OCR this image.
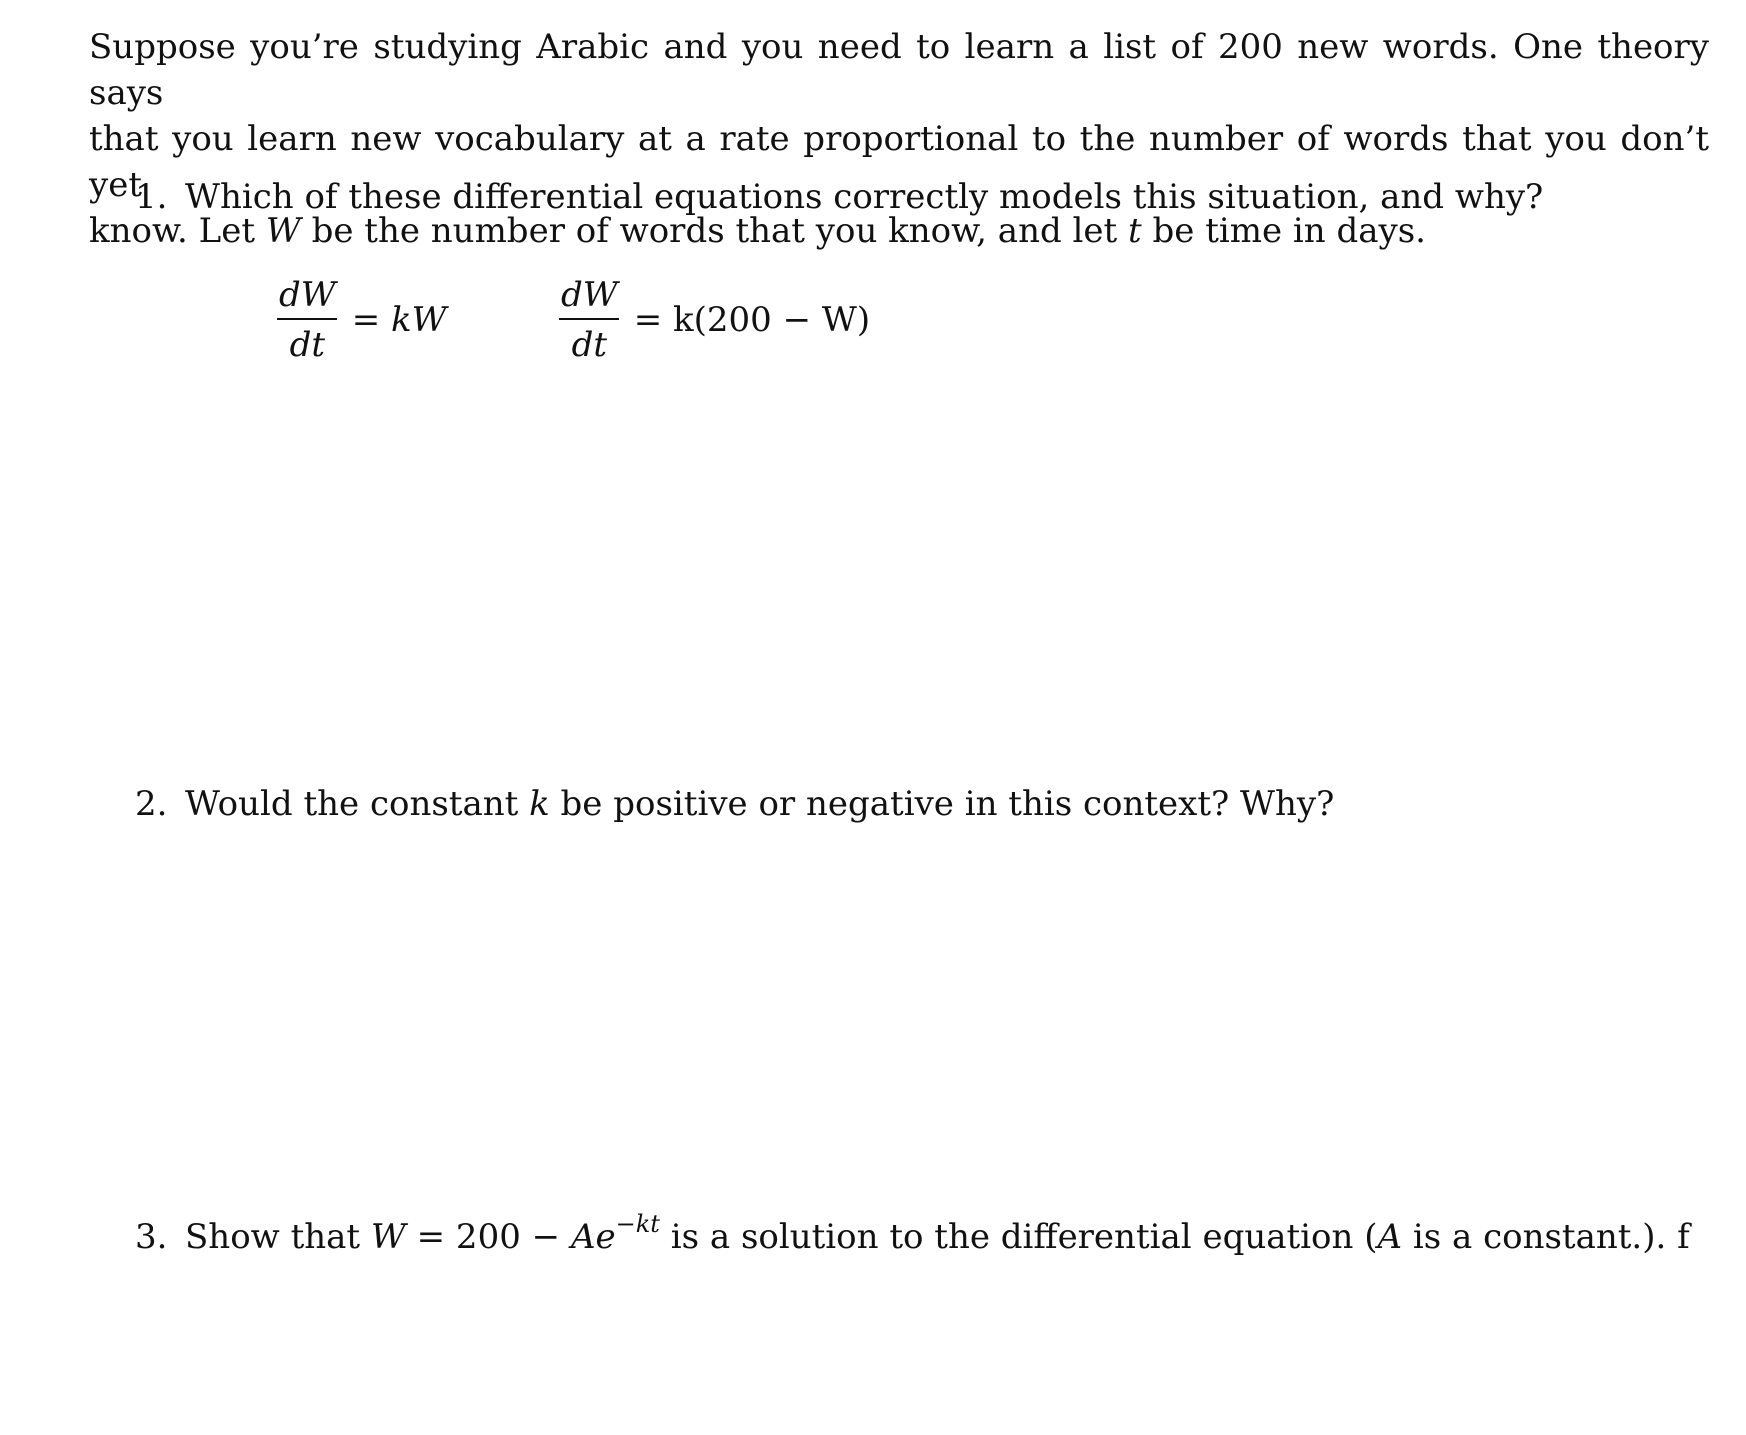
Suppose you’re studying Arabic and you need to learn a list of 200 new words. One theory says
that you learn new vocabulary at a rate proportional to the number of words that you don’t yet
know. Let W be the number of words that you know, and let t be time in days.
1. Which of these differential equations correctly models this situation, and why?
$\frac{dW}{dt}$ = kW	$\frac{dW}{dt} = k(200 - W)$
2. Would the constant k be positive or negative in this context? Why?
3. Show that $W = 200 - Ae^{-kt}$ is a solution to the differential equation (A is a constant.). f
